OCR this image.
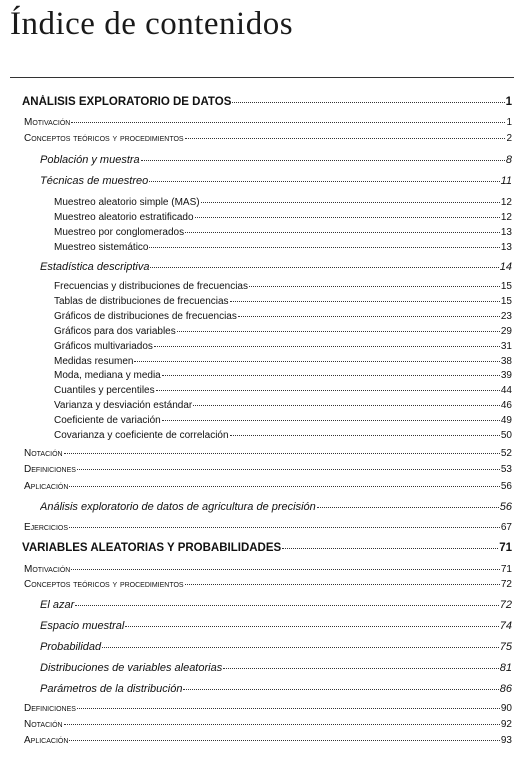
Índice de contenidos
ANÁLISIS EXPLORATORIO DE DATOS	1
Motivación	1
Conceptos teóricos y procedimientos	2
Población y muestra	8
Técnicas de muestreo	11
Muestreo aleatorio simple (MAS)	12
Muestreo aleatorio estratificado	12
Muestreo por conglomerados	13
Muestreo sistemático	13
Estadística descriptiva	14
Frecuencias y distribuciones de frecuencias	15
Tablas de distribuciones de frecuencias	15
Gráficos de distribuciones de frecuencias	23
Gráficos para dos variables	29
Gráficos multivariados	31
Medidas resumen	38
Moda, mediana y media	39
Cuantiles y percentiles	44
Varianza y desviación estándar	46
Coeficiente de variación	49
Covarianza y coeficiente de correlación	50
Notación	52
Definiciones	53
Aplicación	56
Análisis exploratorio de datos de agricultura de precisión	56
Ejercicios	67
VARIABLES ALEATORIAS Y PROBABILIDADES	71
Motivación	71
Conceptos teóricos y procedimientos	72
El azar	72
Espacio muestral	74
Probabilidad	75
Distribuciones de variables aleatorias	81
Parámetros de la distribución	86
Definiciones	90
Notación	92
Aplicación	93
